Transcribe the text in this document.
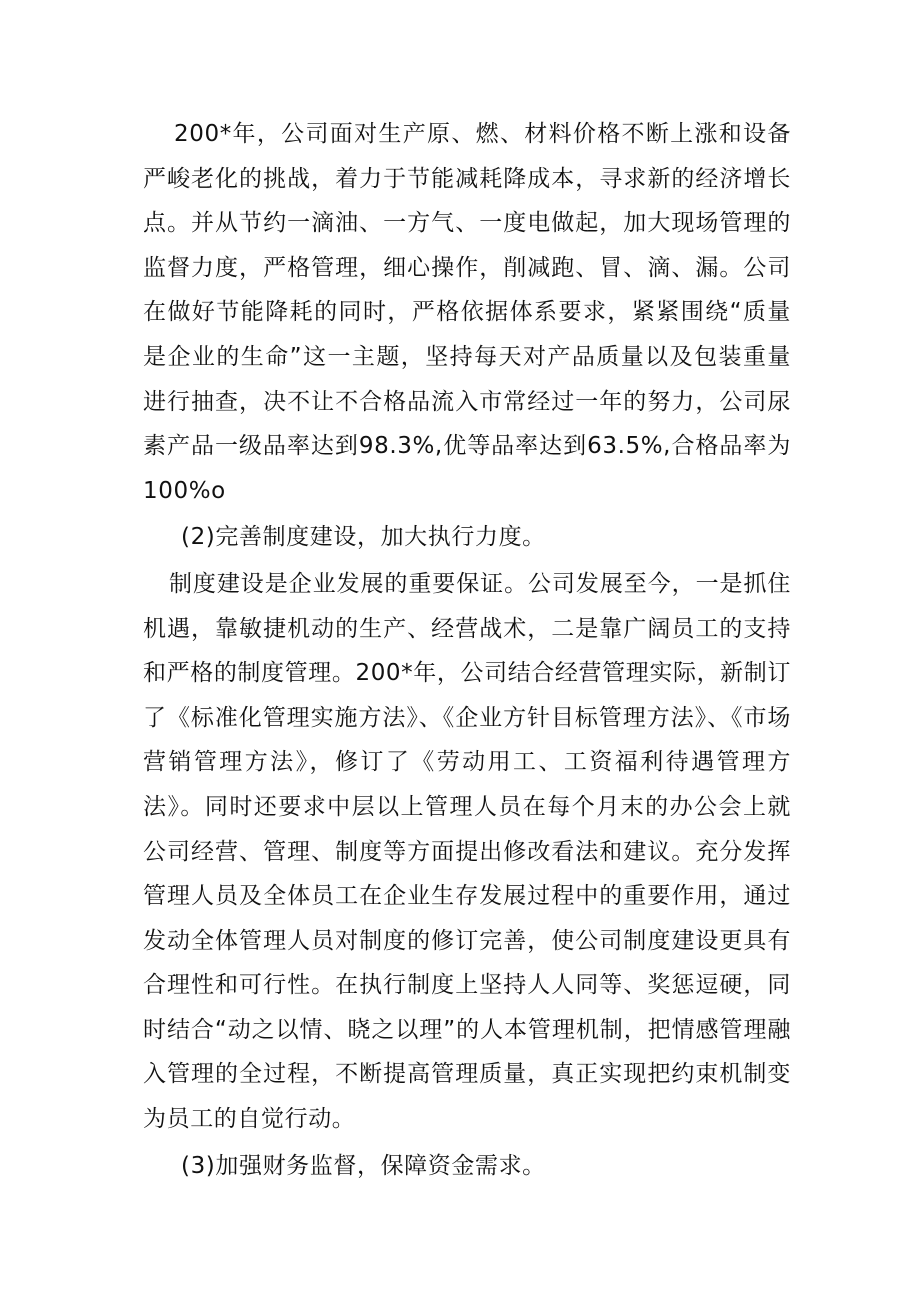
200*年，公司面对生产原、燃、材料价格不断上涨和设备严峻老化的挑战，着力于节能减耗降成本，寻求新的经济增长点。并从节约一滴油、一方气、一度电做起，加大现场管理的监督力度，严格管理，细心操作，削减跑、冒、滴、漏。公司在做好节能降耗的同时，严格依据体系要求，紧紧围绕“质量是企业的生命”这一主题，坚持每天对产品质量以及包装重量进行抽查，决不让不合格品流入市常经过一年的努力，公司尿素产品一级品率达到98.3%,优等品率达到63.5%,合格品率为100%o

(2)完善制度建设，加大执行力度。

制度建设是企业发展的重要保证。公司发展至今，一是抓住机遇，靠敏捷机动的生产、经营战术，二是靠广阔员工的支持和严格的制度管理。200*年，公司结合经营管理实际，新制订了《标准化管理实施方法》、《企业方针目标管理方法》、《市场营销管理方法》，修订了《劳动用工、工资福利待遇管理方法》。同时还要求中层以上管理人员在每个月末的办公会上就公司经营、管理、制度等方面提出修改看法和建议。充分发挥管理人员及全体员工在企业生存发展过程中的重要作用，通过发动全体管理人员对制度的修订完善，使公司制度建设更具有合理性和可行性。在执行制度上坚持人人同等、奖惩逗硬，同时结合“动之以情、晓之以理”的人本管理机制，把情感管理融入管理的全过程，不断提高管理质量，真正实现把约束机制变为员工的自觉行动。

(3)加强财务监督，保障资金需求。
